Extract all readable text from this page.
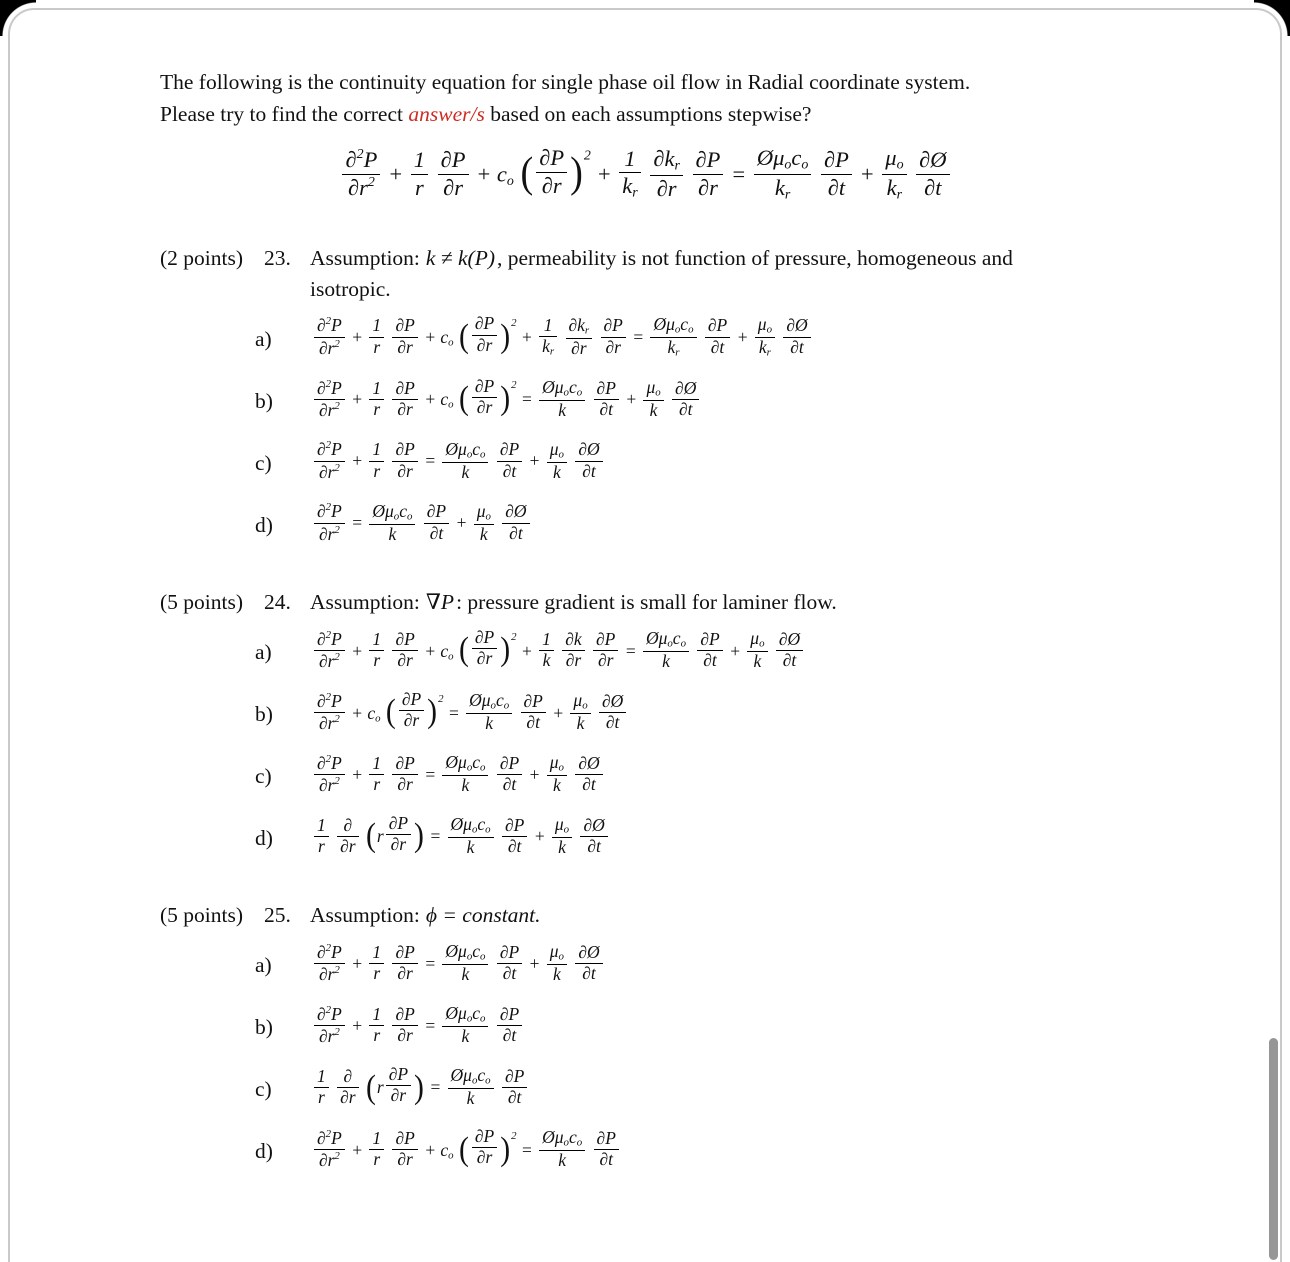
The following is the continuity equation for single phase oil flow in Radial coordinate system.
Please try to find the correct answer/s based on each assumptions stepwise?

$\frac{\partial^2P}{\partial r^2} + \frac{1}{r}$
$\frac{\partial P}{\partial r} + c_o$ ( ∂P
∂r ) $^2 + \frac{1}{k_r}$
$\frac{\partial k_r}{\partial r}$
$\frac{\partial P}{\partial r}$ =
$Ø\mu_oc_o$
$k_r$
	$\frac{\partial P}{\partial t} + \frac{\mu_o}{k_r}$
$\frac{\partial Ø}{\partial t}$
(2 points) 23. Assumption: k ≠ k(P), permeability is not function of pressure, homogeneous and
isotropic.
a)	$\frac{\partial^2P}{\partial r^2} + \frac{1}{r}$
$\frac{\partial P}{\partial r} + c_o$ ( ∂P
∂r ) $^2 + \frac{1}{k_r}$
$\frac{\partial k_r}{\partial r}$
$\frac{\partial P}{\partial r}$ =
$Ø\mu_oc_o$
$k_r$
	$\frac{\partial P}{\partial t} + \frac{\mu_o}{k_r}$
$\frac{\partial Ø}{\partial t}$
b)	$\frac{\partial^2P}{\partial r^2} + \frac{1}{r}$
$\frac{\partial P}{\partial r} + c_o$ ( ∂P
∂r ) $^2$ =
$Ø\mu_oc_o$
k
	$\frac{\partial P}{\partial t} + \frac{\mu_o}{k}$
$\frac{\partial Ø}{\partial t}$
c)	$\frac{\partial^2P}{\partial r^2} + \frac{1}{r}$
$\frac{\partial P}{\partial r}$ =
$Ø\mu_oc_o$
k
	$\frac{\partial P}{\partial t} + \frac{\mu_o}{k}$
$\frac{\partial Ø}{\partial t}$
d)	$\frac{\partial^2P}{\partial r^2}$ =
$Ø\mu_oc_o$
k
	$\frac{\partial P}{\partial t} + \frac{\mu_o}{k}$
$\frac{\partial Ø}{\partial t}$
(5 points) 24. Assumption: ∇P: pressure gradient is small for laminer flow.
a)	$\frac{\partial^2P}{\partial r^2} + \frac{1}{r}$
$\frac{\partial P}{\partial r} + c_o$ ( ∂P
∂r ) $^2 + \frac{1}{k}$
$\frac{\partial k}{\partial r}$
$\frac{\partial P}{\partial r}$ =
$Ø\mu_oc_o$
k
	$\frac{\partial P}{\partial t} + \frac{\mu_o}{k}$
$\frac{\partial Ø}{\partial t}$
b)	$\frac{\partial^2P}{\partial r^2} + c_o$ ( ∂P
∂r ) $^2$ =
$Ø\mu_oc_o$
k
	$\frac{\partial P}{\partial t} + \frac{\mu_o}{k}$
$\frac{\partial Ø}{\partial t}$
c)	$\frac{\partial^2P}{\partial r^2} + \frac{1}{r}$
$\frac{\partial P}{\partial r}$ =
$Ø\mu_oc_o$
k
	$\frac{\partial P}{\partial t} + \frac{\mu_o}{k}$
$\frac{\partial Ø}{\partial t}$
d)	$\frac{1}{r}$
∂
∂r
( r
∂P
∂r ) =
$Ø\mu_oc_o$
k
	$\frac{\partial P}{\partial t} + \frac{\mu_o}{k}$
$\frac{\partial Ø}{\partial t}$
(5 points) 25. Assumption: ϕ = constant.
a)	$\frac{\partial^2P}{\partial r^2} + \frac{1}{r}$
$\frac{\partial P}{\partial r}$ =
$Ø\mu_oc_o$
k
	$\frac{\partial P}{\partial t} + \frac{\mu_o}{k}$
$\frac{\partial Ø}{\partial t}$
b)	$\frac{\partial^2P}{\partial r^2} + \frac{1}{r}$
$\frac{\partial P}{\partial r}$ =
$Ø\mu_oc_o$
k
	$\frac{\partial P}{\partial t}$
c)	$\frac{1}{r}$
∂
∂r
( r
∂P
∂r ) =
$Ø\mu_oc_o$
k
	$\frac{\partial P}{\partial t}$
d)	$\frac{\partial^2P}{\partial r^2} + \frac{1}{r}$
$\frac{\partial P}{\partial r} + c_o$ ( ∂P
∂r ) $^2$ =
$Ø\mu_oc_o$
k
	$\frac{\partial P}{\partial t}$
